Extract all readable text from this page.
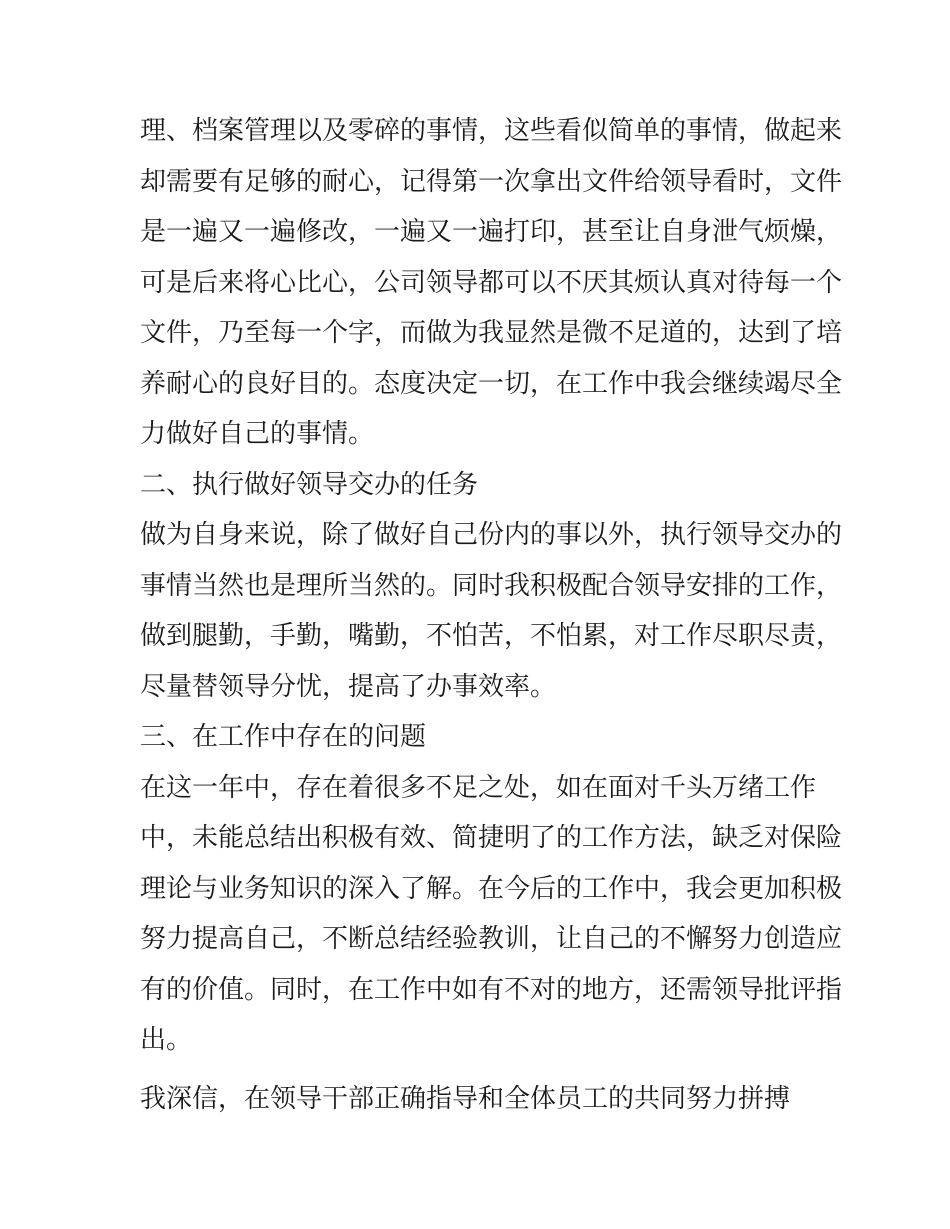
理、档案管理以及零碎的事情，这些看似简单的事情，做起来
却需要有足够的耐心，记得第一次拿出文件给领导看时，文件
是一遍又一遍修改，一遍又一遍打印，甚至让自身泄气烦燥，
可是后来将心比心，公司领导都可以不厌其烦认真对待每一个
文件，乃至每一个字，而做为我显然是微不足道的，达到了培
养耐心的良好目的。态度决定一切，在工作中我会继续竭尽全
力做好自己的事情。
二、执行做好领导交办的任务
做为自身来说，除了做好自己份内的事以外，执行领导交办的
事情当然也是理所当然的。同时我积极配合领导安排的工作，
做到腿勤，手勤，嘴勤，不怕苦，不怕累，对工作尽职尽责，
尽量替领导分忧，提高了办事效率。
三、在工作中存在的问题
在这一年中，存在着很多不足之处，如在面对千头万绪工作
中，未能总结出积极有效、简捷明了的工作方法，缺乏对保险
理论与业务知识的深入了解。在今后的工作中，我会更加积极
努力提高自己，不断总结经验教训，让自己的不懈努力创造应
有的价值。同时，在工作中如有不对的地方，还需领导批评指
出。
我深信，在领导干部正确指导和全体员工的共同努力拼搏
